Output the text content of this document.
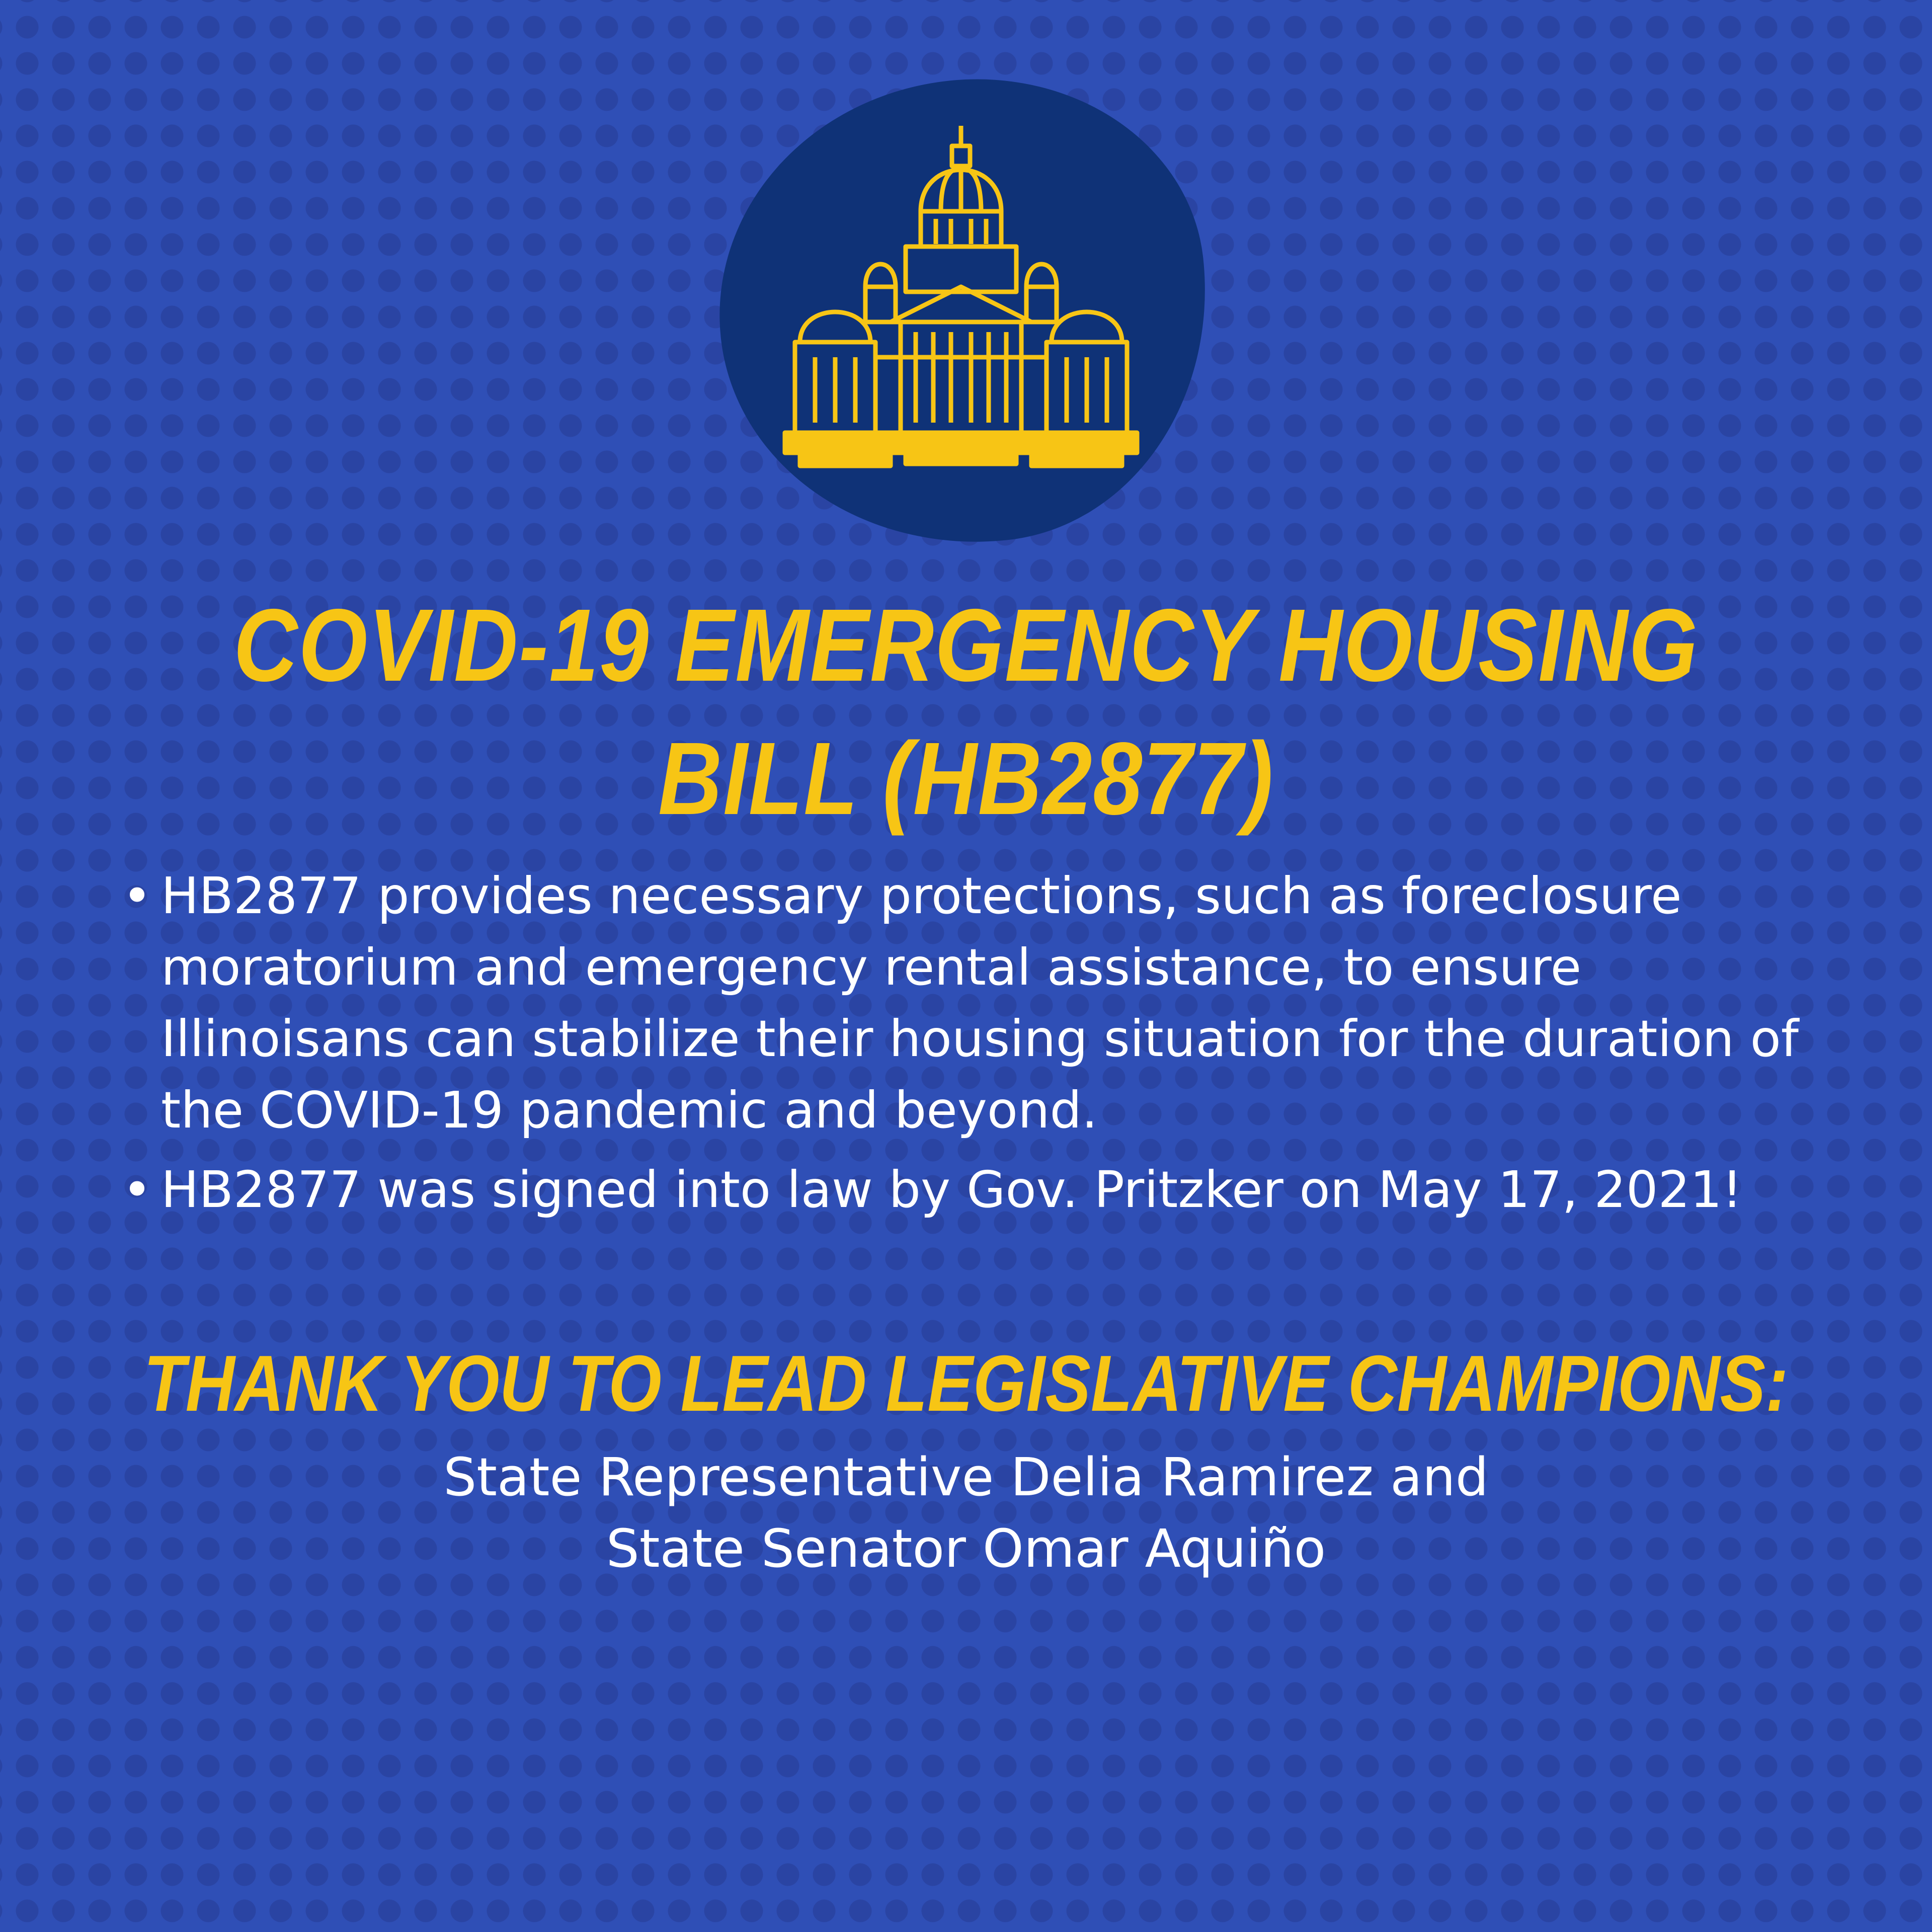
COVID-19 EMERGENCY HOUSING
BILL (HB2877)
• HB2877 provides necessary protections, such as foreclosure moratorium and emergency rental assistance, to ensure Illinoisans can stabilize their housing situation for the duration of the COVID-19 pandemic and beyond.
• HB2877 was signed into law by Gov. Pritzker on May 17, 2021!
THANK YOU TO LEAD LEGISLATIVE CHAMPIONS:
State Representative Delia Ramirez and
State Senator Omar Aquiño
